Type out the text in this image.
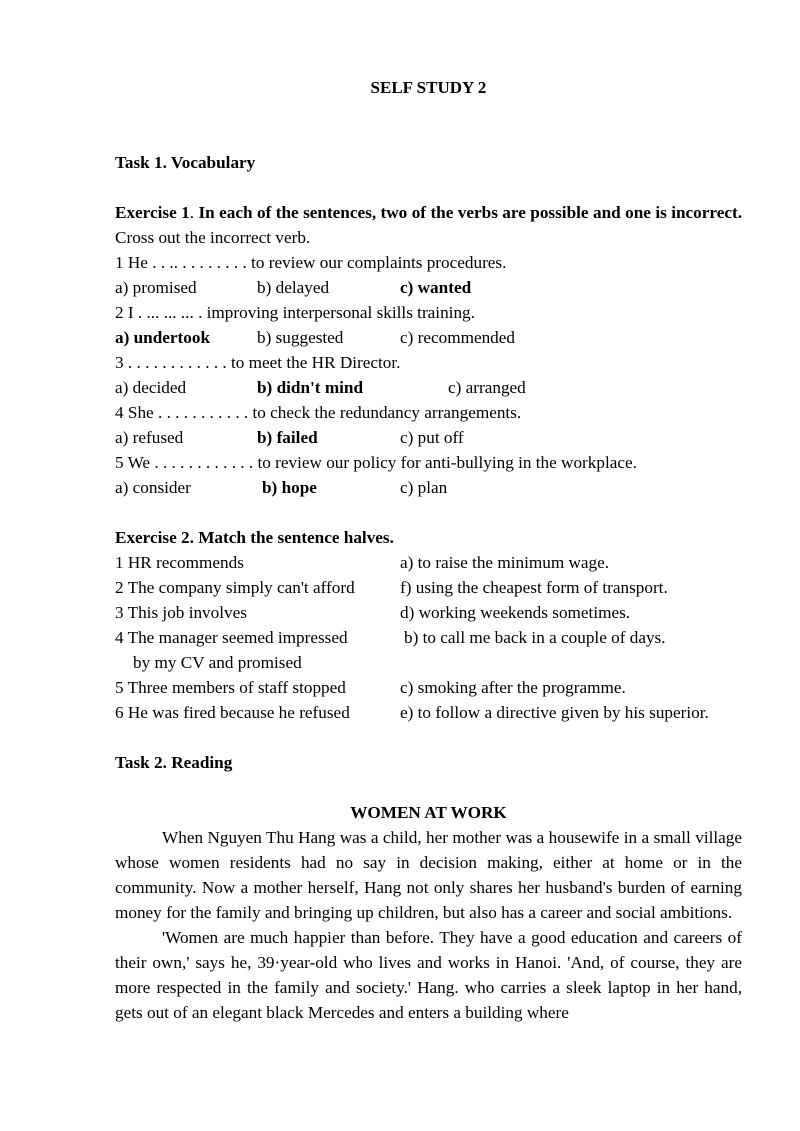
SELF STUDY 2
Task 1. Vocabulary
Exercise 1. In each of the sentences, two of the verbs are possible and one is incorrect. Cross out the incorrect verb.
1 He . . .. . . . . . . . . to review our complaints procedures.
a) promised	b) delayed	c) wanted
2 I . ... ... ... . improving interpersonal skills training.
a) undertook	b) suggested	c) recommended
3 . . . . . . . . . . . . to meet the HR Director.
a) decided	b) didn't mind	c) arranged
4 She . . . . . . . . . . . to check the redundancy arrangements.
a) refused	b) failed	c) put off
5 We . . . . . . . . . . . . to review our policy for anti-bullying in the workplace.
a) consider	b) hope	c) plan
Exercise 2. Match the sentence halves.
1 HR recommends	a) to raise the minimum wage.
2 The company simply can't afford	f) using the cheapest form of transport.
3 This job involves	d) working weekends sometimes.
4 The manager seemed impressed	b) to call me back in a couple of days.
by my CV and promised
5 Three members of staff stopped	c) smoking after the programme.
6 He was fired because he refused	e) to follow a directive given by his superior.
Task 2. Reading
WOMEN AT WORK
When Nguyen Thu Hang was a child, her mother was a housewife in a small village whose women residents had no say in decision making, either at home or in the community. Now a mother herself, Hang not only shares her husband's burden of earning money for the family and bringing up children, but also has a career and social ambitions.
'Women are much happier than before. They have a good education and careers of their own,' says he, 39·year-old who lives and works in Hanoi. 'And, of course, they are more respected in the family and society.' Hang. who carries a sleek laptop in her hand, gets out of an elegant black Mercedes and enters a building where
